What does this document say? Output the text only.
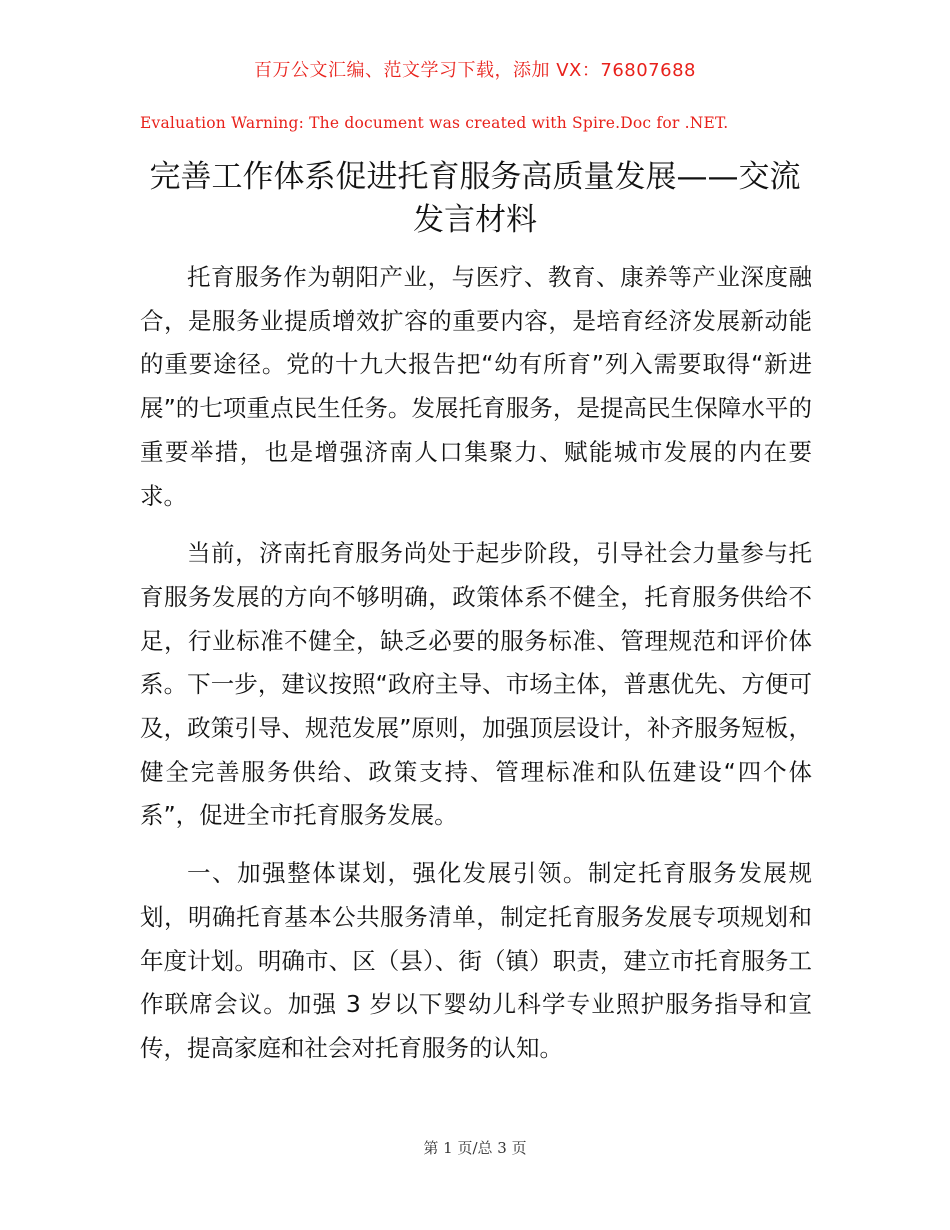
百万公文汇编、范文学习下载，添加 VX：76807688
Evaluation Warning: The document was created with Spire.Doc for .NET.
完善工作体系促进托育服务高质量发展——交流发言材料

托育服务作为朝阳产业，与医疗、教育、康养等产业深度融合，是服务业提质增效扩容的重要内容，是培育经济发展新动能的重要途径。党的十九大报告把“幼有所育”列入需要取得“新进展”的七项重点民生任务。发展托育服务，是提高民生保障水平的重要举措，也是增强济南人口集聚力、赋能城市发展的内在要求。

当前，济南托育服务尚处于起步阶段，引导社会力量参与托育服务发展的方向不够明确，政策体系不健全，托育服务供给不足，行业标准不健全，缺乏必要的服务标准、管理规范和评价体系。下一步，建议按照“政府主导、市场主体，普惠优先、方便可及，政策引导、规范发展”原则，加强顶层设计，补齐服务短板，健全完善服务供给、政策支持、管理标准和队伍建设“四个体系”，促进全市托育服务发展。

一、加强整体谋划，强化发展引领。制定托育服务发展规划，明确托育基本公共服务清单，制定托育服务发展专项规划和年度计划。明确市、区（县）、街（镇）职责，建立市托育服务工作联席会议。加强 3 岁以下婴幼儿科学专业照护服务指导和宣传，提高家庭和社会对托育服务的认知。

第 1 页/总 3 页
